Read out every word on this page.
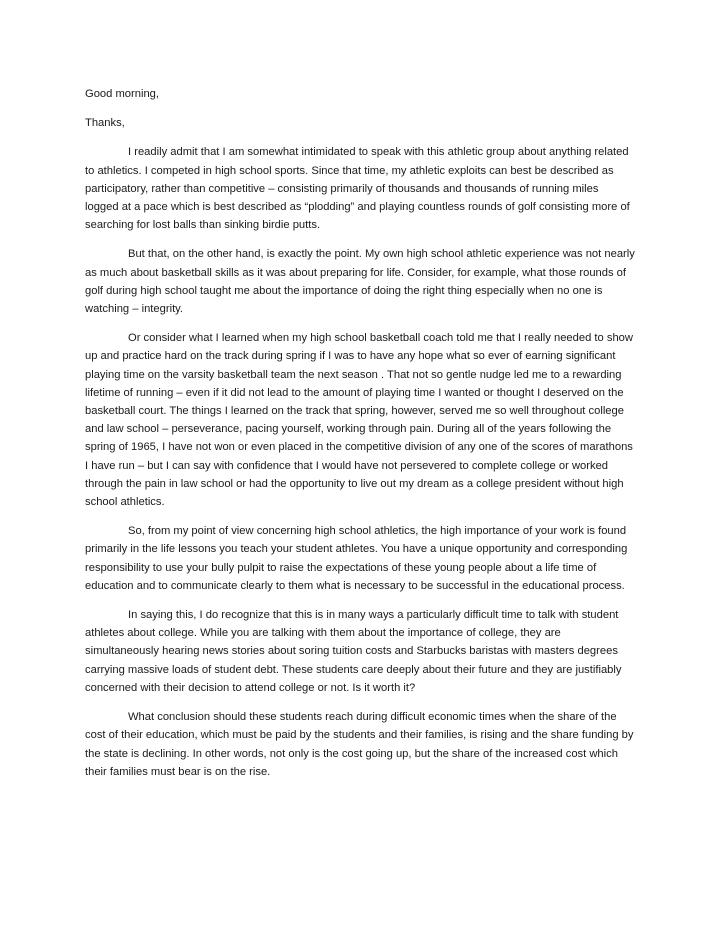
Good morning,

Thanks,

I readily admit that I am somewhat intimidated to speak with this athletic group about anything related to athletics. I competed in high school sports. Since that time, my athletic exploits can best be described as participatory, rather than competitive – consisting primarily of thousands and thousands of running miles logged at a pace which is best described as “plodding” and playing countless rounds of golf consisting more of searching for lost balls than sinking birdie putts.

But that, on the other hand, is exactly the point. My own high school athletic experience was not nearly as much about basketball skills as it was about preparing for life. Consider, for example, what those rounds of golf during high school taught me about the importance of doing the right thing especially when no one is watching – integrity.

Or consider what I learned when my high school basketball coach told me that I really needed to show up and practice hard on the track during spring if I was to have any hope what so ever of earning significant playing time on the varsity basketball team the next season . That not so gentle nudge led me to a rewarding lifetime of running – even if it did not lead to the amount of playing time I wanted or thought I deserved on the basketball court. The things I learned on the track that spring, however, served me so well throughout college and law school – perseverance, pacing yourself, working through pain. During all of the years following the spring of 1965, I have not won or even placed in the competitive division of any one of the scores of marathons I have run – but I can say with confidence that I would have not persevered to complete college or worked through the pain in law school or had the opportunity to live out my dream as a college president without high school athletics.

So, from my point of view concerning high school athletics, the high importance of your work is found primarily in the life lessons you teach your student athletes. You have a unique opportunity and corresponding responsibility to use your bully pulpit to raise the expectations of these young people about a life time of education and to communicate clearly to them what is necessary to be successful in the educational process.

In saying this, I do recognize that this is in many ways a particularly difficult time to talk with student athletes about college. While you are talking with them about the importance of college, they are simultaneously hearing news stories about soring tuition costs and Starbucks baristas with masters degrees carrying massive loads of student debt. These students care deeply about their future and they are justifiably concerned with their decision to attend college or not. Is it worth it?

What conclusion should these students reach during difficult economic times when the share of the cost of their education, which must be paid by the students and their families, is rising and the share funding by the state is declining. In other words, not only is the cost going up, but the share of the increased cost which their families must bear is on the rise.
